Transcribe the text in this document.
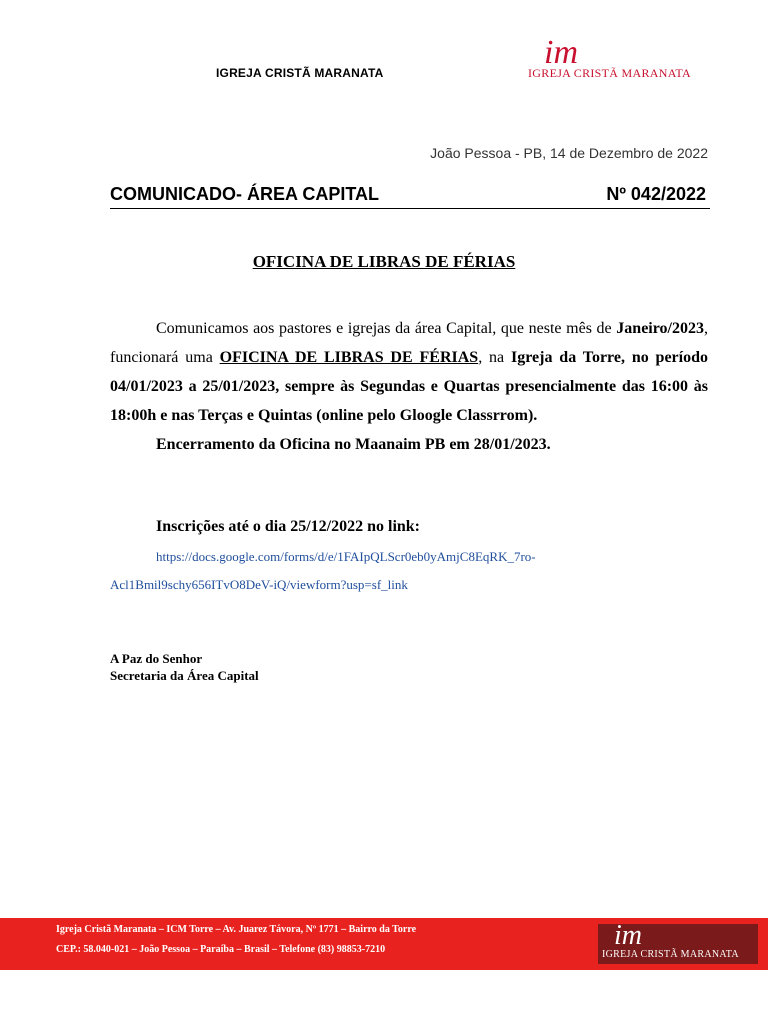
IGREJA CRISTÃ MARANATA
im
IGREJA CRISTÃ MARANATA
João Pessoa - PB, 14 de Dezembro de 2022
COMUNICADO- ÁREA CAPITAL	Nº 042/2022
OFICINA DE LIBRAS DE FÉRIAS

Comunicamos aos pastores e igrejas da área Capital, que neste mês de Janeiro/2023, funcionará uma OFICINA DE LIBRAS DE FÉRIAS, na Igreja da Torre, no período 04/01/2023 a 25/01/2023, sempre às Segundas e Quartas presencialmente das 16:00 às 18:00h e nas Terças e Quintas (online pelo Gloogle Classrrom).

Encerramento da Oficina no Maanaim PB em 28/01/2023.

Inscrições até o dia 25/12/2022 no link:
https://docs.google.com/forms/d/e/1FAIpQLScr0eb0yAmjC8EqRK_7ro-
Acl1Bmil9schy656ITvO8DeV-iQ/viewform?usp=sf_link
A Paz do Senhor
Secretaria da Área Capital
Igreja Cristã Maranata – ICM Torre – Av. Juarez Távora, Nº 1771 – Bairro da Torre
CEP.: 58.040-021 – João Pessoa – Paraíba – Brasil – Telefone (83) 98853-7210	im
IGREJA CRISTÃ MARANATA
